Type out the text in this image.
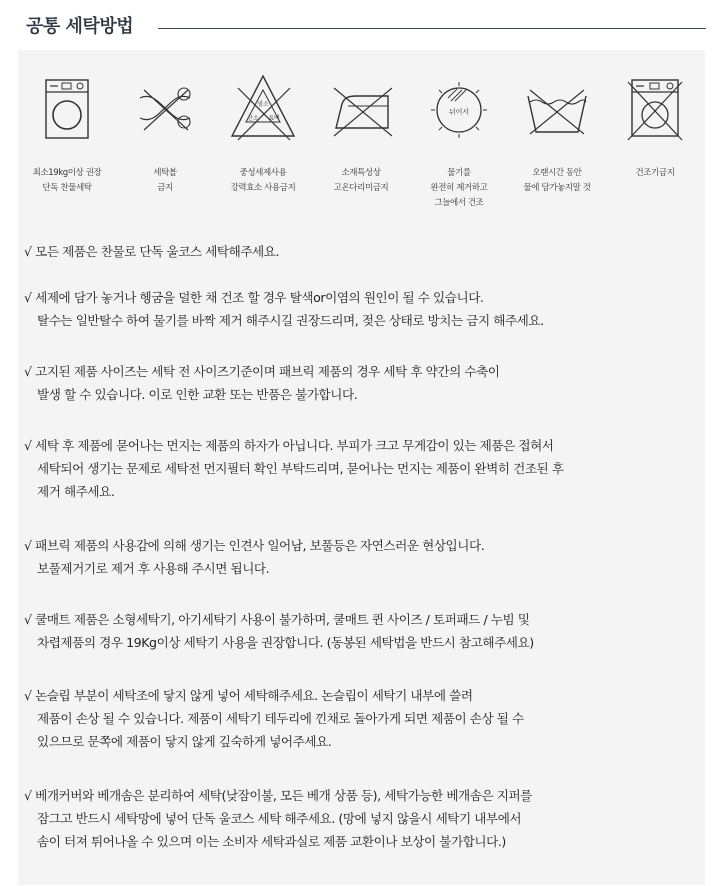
공통 세탁방법
최소19kg이상 권장
단독 찬물세탁
세탁볼
금지
염소
산소 표백
중성세제사용
강력효소 사용금지
소재특성상
고온다리미금지
뉘어서
물기를
완전히 제거하고
그늘에서 건조
오랜시간 동안
물에 담가놓지말 것
건조기금지
√ 모든 제품은 찬물로 단독 울코스 세탁해주세요.
√ 세제에 담가 놓거나 헹굼을 덜한 채 건조 할 경우 탈색or이염의 원인이 될 수 있습니다.
탈수는 일반탈수 하여 물기를 바짝 제거 해주시길 권장드리며, 젖은 상태로 방치는 금지 해주세요.
√ 고지된 제품 사이즈는 세탁 전 사이즈기준이며 패브릭 제품의 경우 세탁 후 약간의 수축이
발생 할 수 있습니다. 이로 인한 교환 또는 반품은 불가합니다.
√ 세탁 후 제품에 묻어나는 먼지는 제품의 하자가 아닙니다. 부피가 크고 무게감이 있는 제품은 접혀서
세탁되어 생기는 문제로 세탁전 먼지필터 확인 부탁드리며, 묻어나는 먼지는 제품이 완벽히 건조된 후
제거 해주세요.
√ 패브릭 제품의 사용감에 의해 생기는 인견사 일어남, 보풀등은 자연스러운 현상입니다.
보풀제거기로 제거 후 사용해 주시면 됩니다.
√ 쿨매트 제품은 소형세탁기, 아기세탁기 사용이 불가하며, 쿨매트 퀸 사이즈 / 토퍼패드 / 누빔 및
차렵제품의 경우 19Kg이상 세탁기 사용을 권장합니다. (동봉된 세탁법을 반드시 참고해주세요)
√ 논슬립 부분이 세탁조에 닿지 않게 넣어 세탁해주세요. 논슬립이 세탁기 내부에 쓸려
제품이 손상 될 수 있습니다. 제품이 세탁기 테두리에 낀채로 돌아가게 되면 제품이 손상 될 수
있으므로 문쪽에 제품이 닿지 않게 깊숙하게 넣어주세요.
√ 베개커버와 베개솜은 분리하여 세탁(낮잠이불, 모든 베개 상품 등), 세탁가능한 베개솜은 지퍼를
잠그고 반드시 세탁망에 넣어 단독 울코스 세탁 해주세요. (망에 넣지 않을시 세탁기 내부에서
솜이 터져 튀어나올 수 있으며 이는 소비자 세탁과실로 제품 교환이나 보상이 불가합니다.)
